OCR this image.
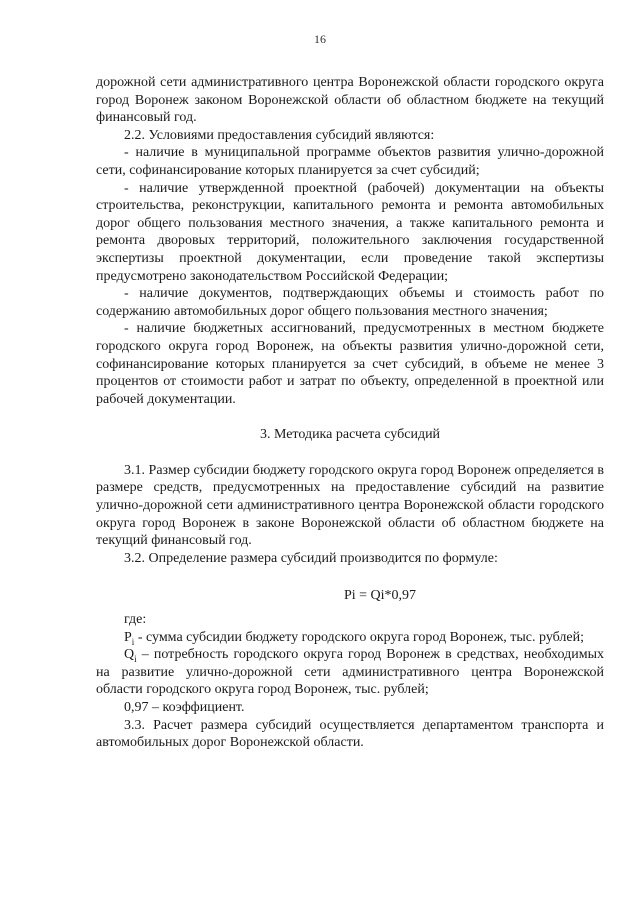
16

дорожной сети административного центра Воронежской области городского округа город Воронеж законом Воронежской области об областном бюджете на текущий финансовый год.

2.2. Условиями предоставления субсидий являются:

- наличие в муниципальной программе объектов развития улично-дорожной сети, софинансирование которых планируется за счет субсидий;

- наличие утвержденной проектной (рабочей) документации на объекты строительства, реконструкции, капитального ремонта и ремонта автомобильных дорог общего пользования местного значения, а также капитального ремонта и ремонта дворовых территорий, положительного заключения государственной экспертизы проектной документации, если проведение такой экспертизы предусмотрено законодательством Российской Федерации;

- наличие документов, подтверждающих объемы и стоимость работ по содержанию автомобильных дорог общего пользования местного значения;

- наличие бюджетных ассигнований, предусмотренных в местном бюджете городского округа город Воронеж, на объекты развития улично-дорожной сети, софинансирование которых планируется за счет субсидий, в объеме не менее 3 процентов от стоимости работ и затрат по объекту, определенной в проектной или рабочей документации.

3. Методика расчета субсидий

3.1. Размер субсидии бюджету городского округа город Воронеж определяется в размере средств, предусмотренных на предоставление субсидий на развитие улично-дорожной сети административного центра Воронежской области городского округа город Воронеж в законе Воронежской области об областном бюджете на текущий финансовый год.

3.2. Определение размера субсидий производится по формуле:

Pi = Qi*0,97

где:

$P_i$ - сумма субсидии бюджету городского округа город Воронеж, тыс. рублей;

$Q_i$ – потребность городского округа город Воронеж в средствах, необходимых на развитие улично-дорожной сети административного центра Воронежской области городского округа город Воронеж, тыс. рублей;

0,97 – коэффициент.

3.3. Расчет размера субсидий осуществляется департаментом транспорта и автомобильных дорог Воронежской области.
